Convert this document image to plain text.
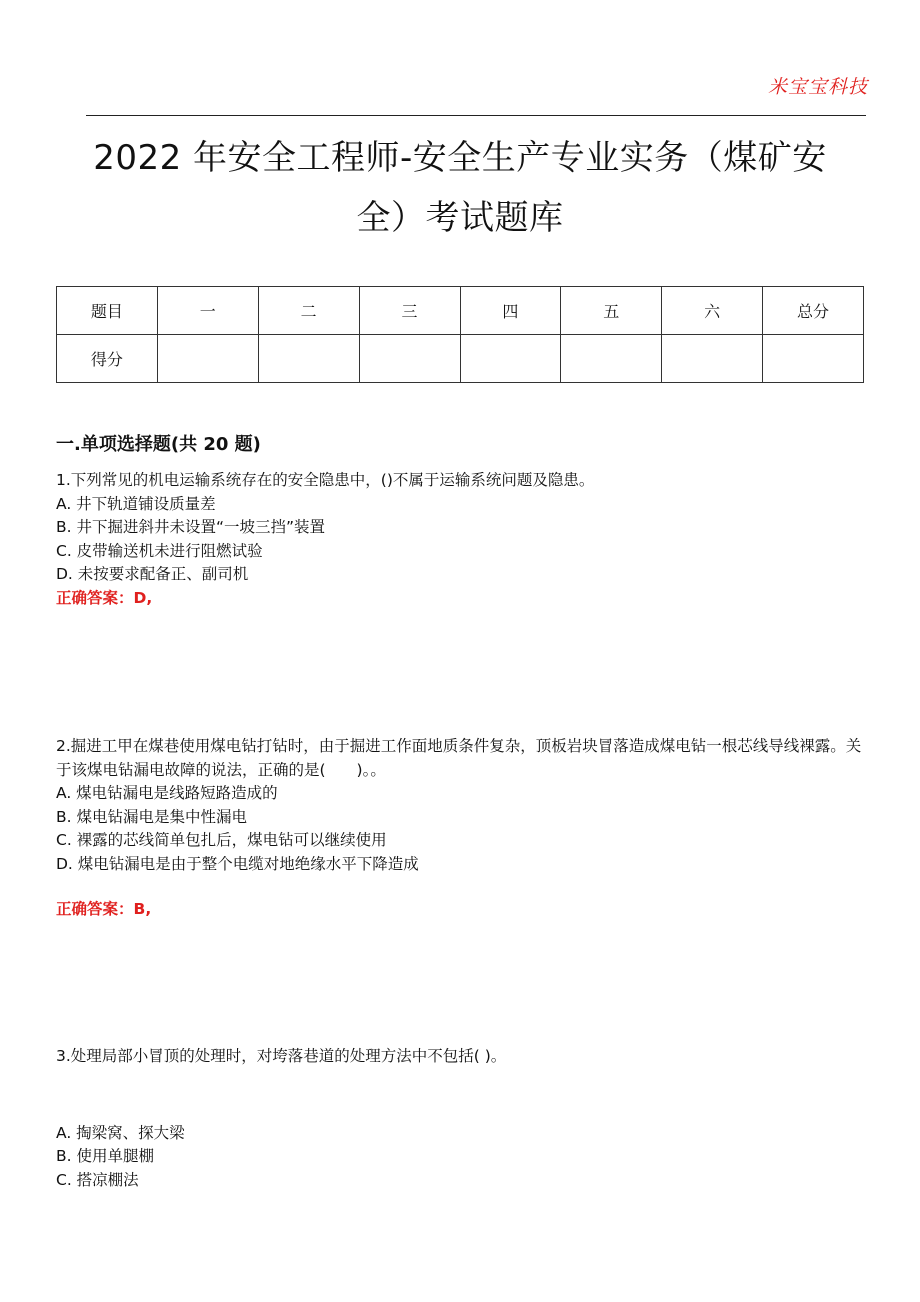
米宝宝科技
2022 年安全工程师-安全生产专业实务（煤矿安
全）考试题库
题目	一	二	三	四	五	六	总分
得分							
一.单项选择题(共 20 题)

1.下列常见的机电运输系统存在的安全隐患中，()不属于运输系统问题及隐患。

A. 井下轨道铺设质量差
B. 井下掘进斜井未设置“一坡三挡”装置
C. 皮带输送机未进行阻燃试验
D. 未按要求配备正、副司机
正确答案：D,

2.掘进工甲在煤巷使用煤电钻打钻时，由于掘进工作面地质条件复杂，顶板岩块冒落造成煤电钻一根芯线导线裸露。关于该煤电钻漏电故障的说法，正确的是(　　)。。

A. 煤电钻漏电是线路短路造成的
B. 煤电钻漏电是集中性漏电
C. 裸露的芯线简单包扎后，煤电钻可以继续使用
D. 煤电钻漏电是由于整个电缆对地绝缘水平下降造成
正确答案：B,

3.处理局部小冒顶的处理时，对垮落巷道的处理方法中不包括( )。

A. 掏梁窝、探大梁
B. 使用单腿棚
C. 搭凉棚法
